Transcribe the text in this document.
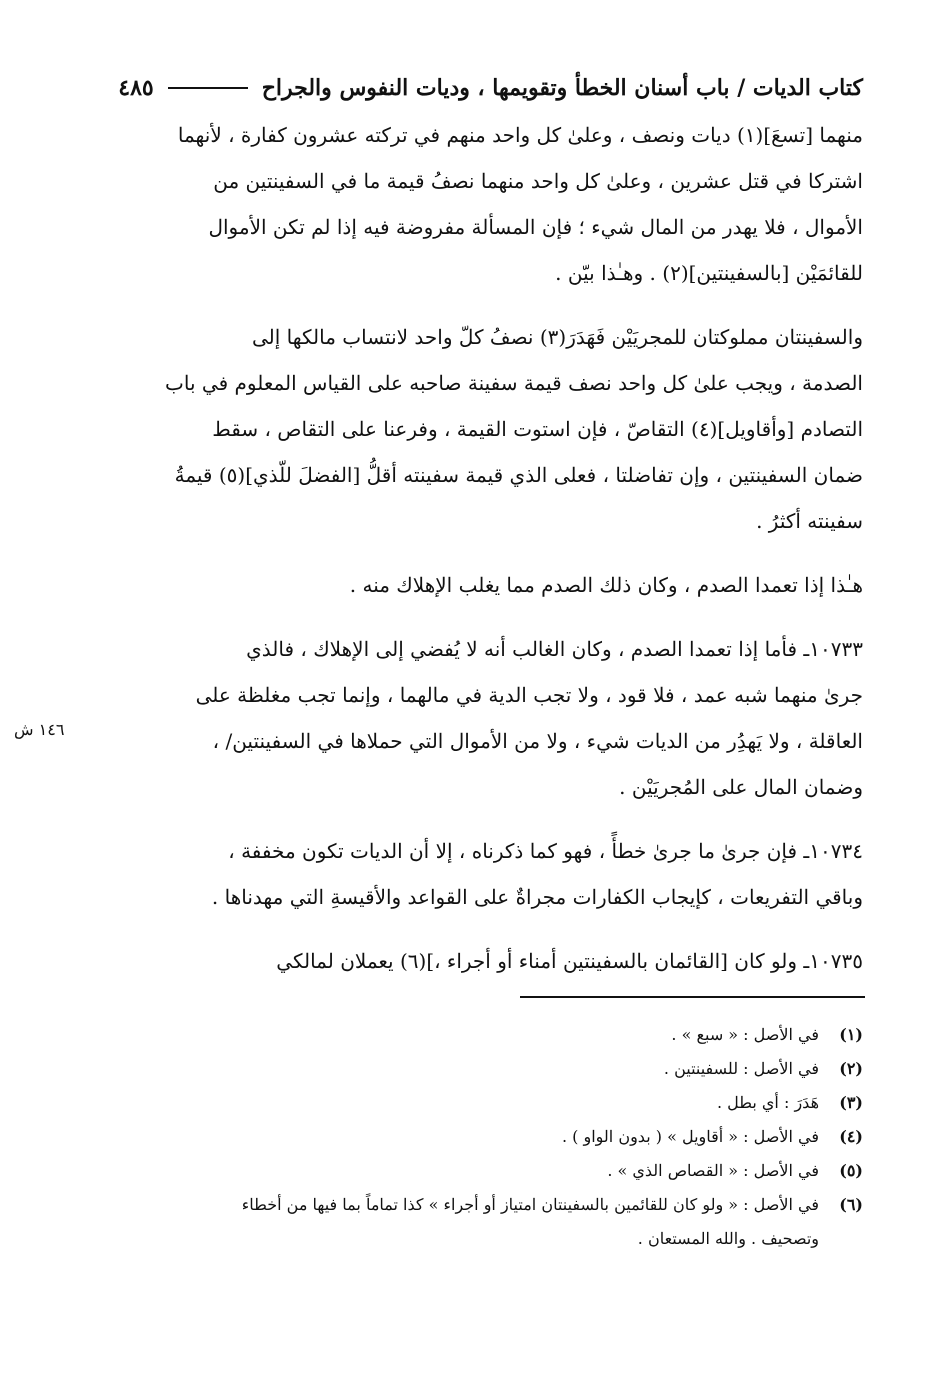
كتاب الديات / باب أسنان الخطأ وتقويمها ، وديات النفوس والجراح
٤٨٥
منهما [تسعَ](١) ديات ونصف ، وعلىٰ كل واحد منهم في تركته عشرون كفارة ، لأنهما
اشتركا في قتل عشرين ، وعلىٰ كل واحد منهما نصفُ قيمة ما في السفينتين من
الأموال ، فلا يهدر من المال شيء ؛ فإن المسألة مفروضة فيه إذا لم تكن الأموال
للقائمَيْن [بالسفينتين](٢) . وهـٰذا بيّن .
والسفينتان مملوكتان للمجريَيْن فَهَدَرَ(٣) نصفُ كلّ واحد لانتساب مالكها إلى
الصدمة ، ويجب علىٰ كل واحد نصف قيمة سفينة صاحبه على القياس المعلوم في باب
التصادم [وأقاويل](٤) التقاصّ ، فإن استوت القيمة ، وفرعنا على التقاص ، سقط
ضمان السفينتين ، وإن تفاضلتا ، فعلى الذي قيمة سفينته أقلُّ [الفضلَ للّذي](٥) قيمةُ
سفينته أكثرُ .
هـٰذا إذا تعمدا الصدم ، وكان ذلك الصدم مما يغلب الإهلاك منه .
١٠٧٣٣ـ فأما إذا تعمدا الصدم ، وكان الغالب أنه لا يُفضي إلى الإهلاك ، فالذي
جرىٰ منهما شبه عمد ، فلا قود ، ولا تجب الدية في مالهما ، وإنما تجب مغلظة على
العاقلة ، ولا يَهدُِر من الديات شيء ، ولا من الأموال التي حملاها في السفينتين/ ،
وضمان المال على المُجريَيْن .
١٠٧٣٤ـ فإن جرىٰ ما جرىٰ خطأً ، فهو كما ذكرناه ، إلا أن الديات تكون مخففة ،
وباقي التفريعات ، كإيجاب الكفارات مجراةٌ على القواعد والأقيسةِ التي مهدناها .
١٠٧٣٥ـ ولو كان [القائمان بالسفينتين أمناء أو أجراء ،](٦) يعملان لمالكي
١٤٦ ش
(١)
في الأصل : « سبع » .
(٢)
في الأصل : للسفينتين .
(٣)
هَدَرَ : أي بطل .
(٤)
في الأصل : « أقاويل » ( بدون الواو ) .
(٥)
في الأصل : « القصاص الذي » .
(٦)
في الأصل : « ولو كان للقائمين بالسفينتان امتياز أو أجراء » كذا تماماً بما فيها من أخطاء
وتصحيف . والله المستعان .
